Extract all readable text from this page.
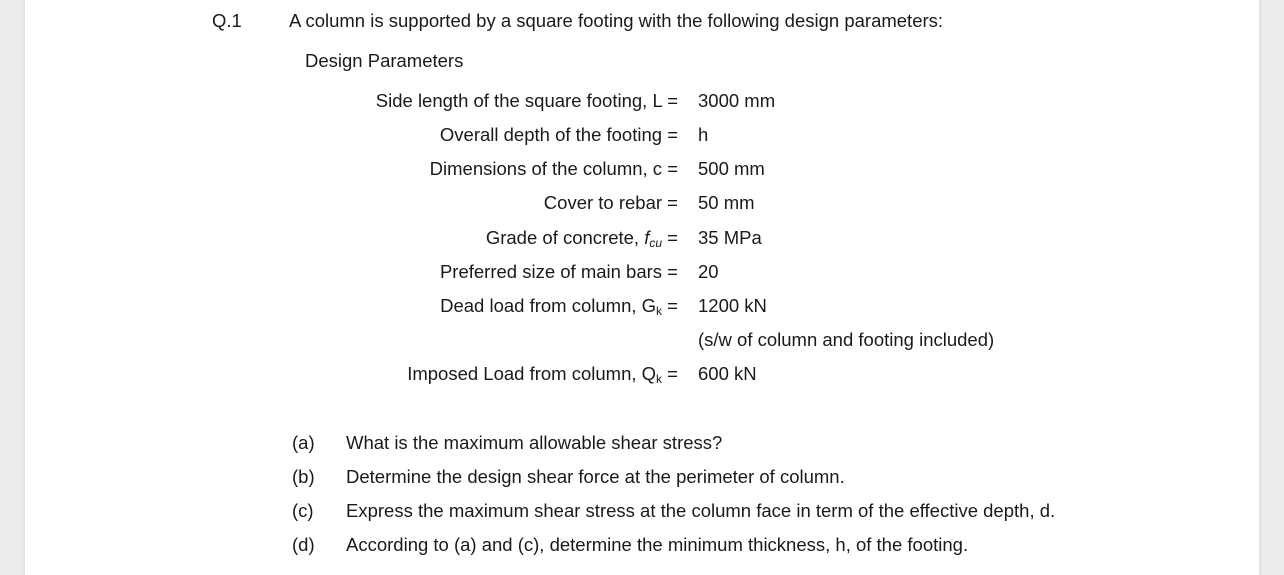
Q.1	A column is supported by a square footing with the following design parameters:
Design Parameters
Side length of the square footing, L = 3000 mm
Overall depth of the footing = h
Dimensions of the column, c = 500 mm
Cover to rebar = 50 mm
Grade of concrete, fcu = 35 MPa
Preferred size of main bars = 20
Dead load from column, Gk = 1200 kN
(s/w of column and footing included)
Imposed Load from column, Qk = 600 kN
(a) What is the maximum allowable shear stress?
(b) Determine the design shear force at the perimeter of column.
(c) Express the maximum shear stress at the column face in term of the effective depth, d.
(d) According to (a) and (c), determine the minimum thickness, h, of the footing.
